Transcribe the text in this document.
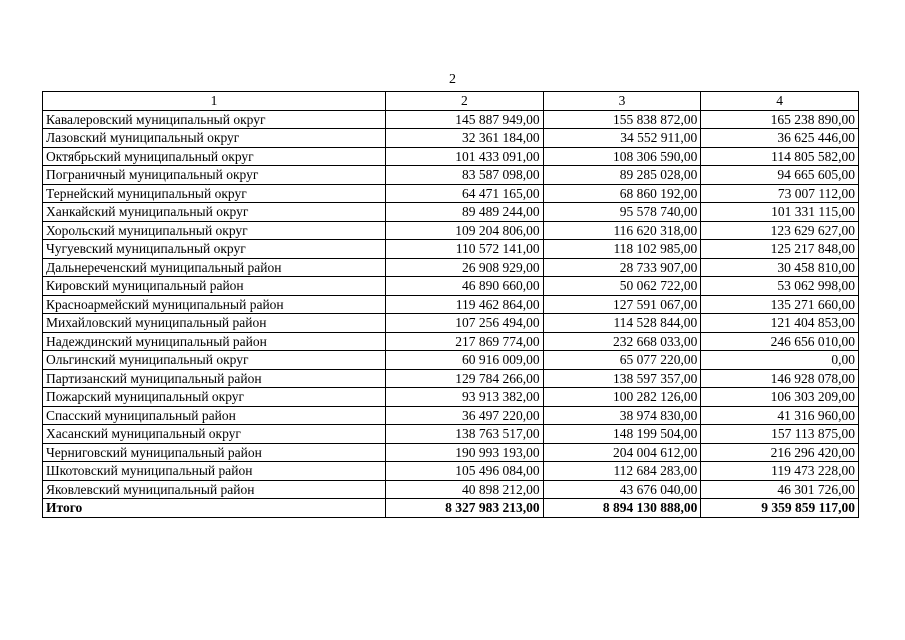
2
1	2	3	4
Кавалеровский муниципальный округ	145 887 949,00	155 838 872,00	165 238 890,00
Лазовский муниципальный округ	32 361 184,00	34 552 911,00	36 625 446,00
Октябрьский муниципальный округ	101 433 091,00	108 306 590,00	114 805 582,00
Пограничный муниципальный округ	83 587 098,00	89 285 028,00	94 665 605,00
Тернейский муниципальный округ	64 471 165,00	68 860 192,00	73 007 112,00
Ханкайский муниципальный округ	89 489 244,00	95 578 740,00	101 331 115,00
Хорольский муниципальный округ	109 204 806,00	116 620 318,00	123 629 627,00
Чугуевский муниципальный округ	110 572 141,00	118 102 985,00	125 217 848,00
Дальнереченский муниципальный район	26 908 929,00	28 733 907,00	30 458 810,00
Кировский муниципальный район	46 890 660,00	50 062 722,00	53 062 998,00
Красноармейский муниципальный район	119 462 864,00	127 591 067,00	135 271 660,00
Михайловский муниципальный район	107 256 494,00	114 528 844,00	121 404 853,00
Надеждинский муниципальный район	217 869 774,00	232 668 033,00	246 656 010,00
Ольгинский муниципальный округ	60 916 009,00	65 077 220,00	0,00
Партизанский муниципальный район	129 784 266,00	138 597 357,00	146 928 078,00
Пожарский муниципальный округ	93 913 382,00	100 282 126,00	106 303 209,00
Спасский муниципальный район	36 497 220,00	38 974 830,00	41 316 960,00
Хасанский муниципальный округ	138 763 517,00	148 199 504,00	157 113 875,00
Черниговский муниципальный район	190 993 193,00	204 004 612,00	216 296 420,00
Шкотовский муниципальный район	105 496 084,00	112 684 283,00	119 473 228,00
Яковлевский муниципальный район	40 898 212,00	43 676 040,00	46 301 726,00
Итого	8 327 983 213,00	8 894 130 888,00	9 359 859 117,00
